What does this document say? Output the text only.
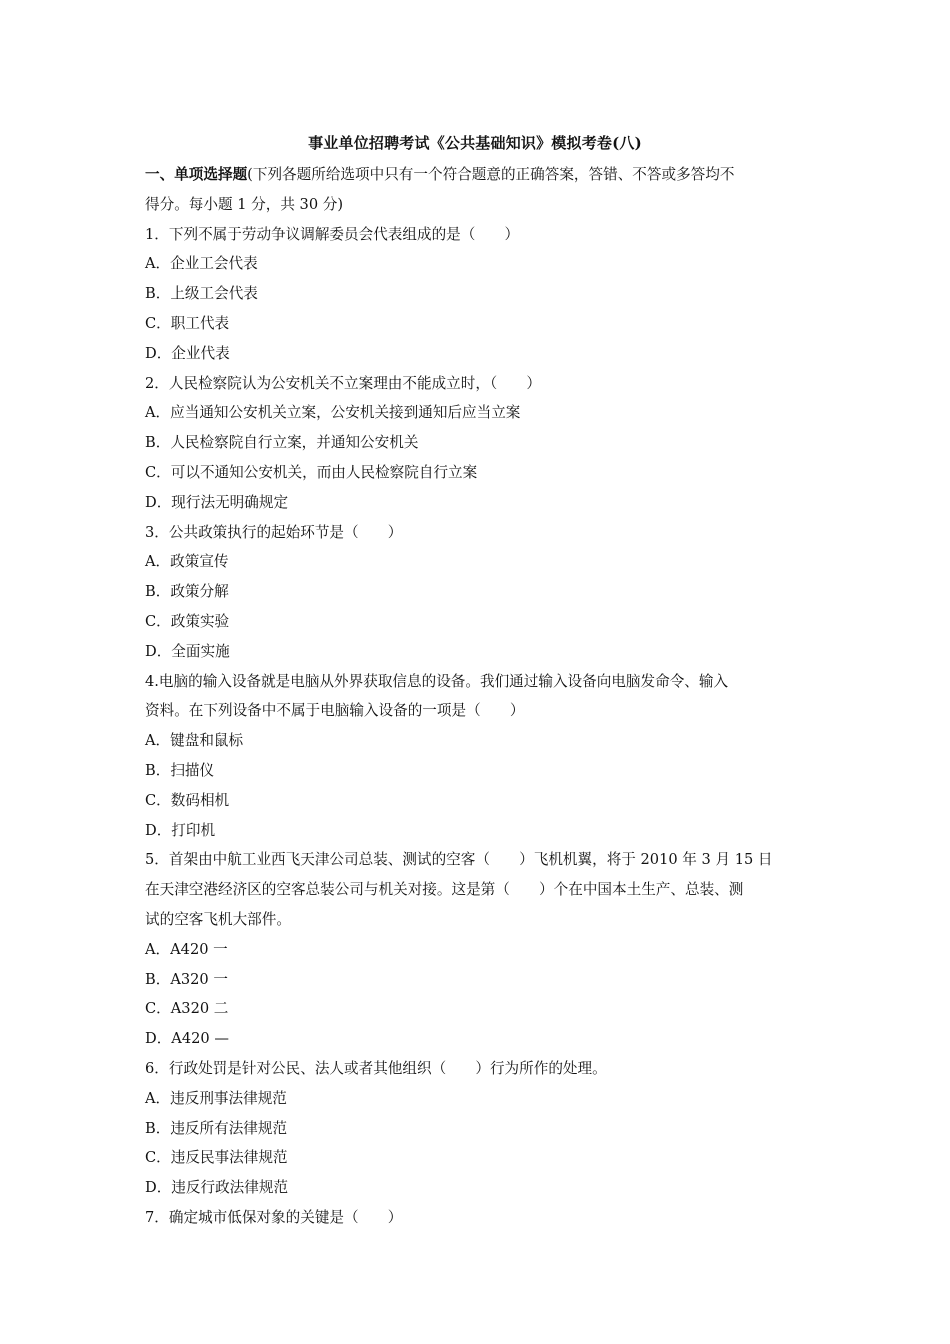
事业单位招聘考试《公共基础知识》模拟考卷(八)
一、单项选择题(下列各题所给选项中只有一个符合题意的正确答案，答错、不答或多答均不
得分。每小题 1 分，共 30 分)
1．下列不属于劳动争议调解委员会代表组成的是（　　）
A．企业工会代表
B．上级工会代表
C．职工代表
D．企业代表
2．人民检察院认为公安机关不立案理由不能成立时，（　　）
A．应当通知公安机关立案，公安机关接到通知后应当立案
B．人民检察院自行立案，并通知公安机关
C．可以不通知公安机关，而由人民检察院自行立案
D．现行法无明确规定
3．公共政策执行的起始环节是（　　）
A．政策宣传
B．政策分解
C．政策实验
D．全面实施
4.电脑的输入设备就是电脑从外界获取信息的设备。我们通过输入设备向电脑发命令、输入
资料。在下列设备中不属于电脑输入设备的一项是（　　）
A．键盘和鼠标
B．扫描仪
C．数码相机
D．打印机
5．首架由中航工业西飞天津公司总装、测试的空客（　　）飞机机翼，将于 2010 年 3 月 15 日
在天津空港经济区的空客总装公司与机关对接。这是第（　　）个在中国本土生产、总装、测
试的空客飞机大部件。
A．A420 一
B．A320 一
C．A320 二
D．A420 —
6．行政处罚是针对公民、法人或者其他组织（　　）行为所作的处理。
A．违反刑事法律规范
B．违反所有法律规范
C．违反民事法律规范
D．违反行政法律规范
7．确定城市低保对象的关键是（　　）
